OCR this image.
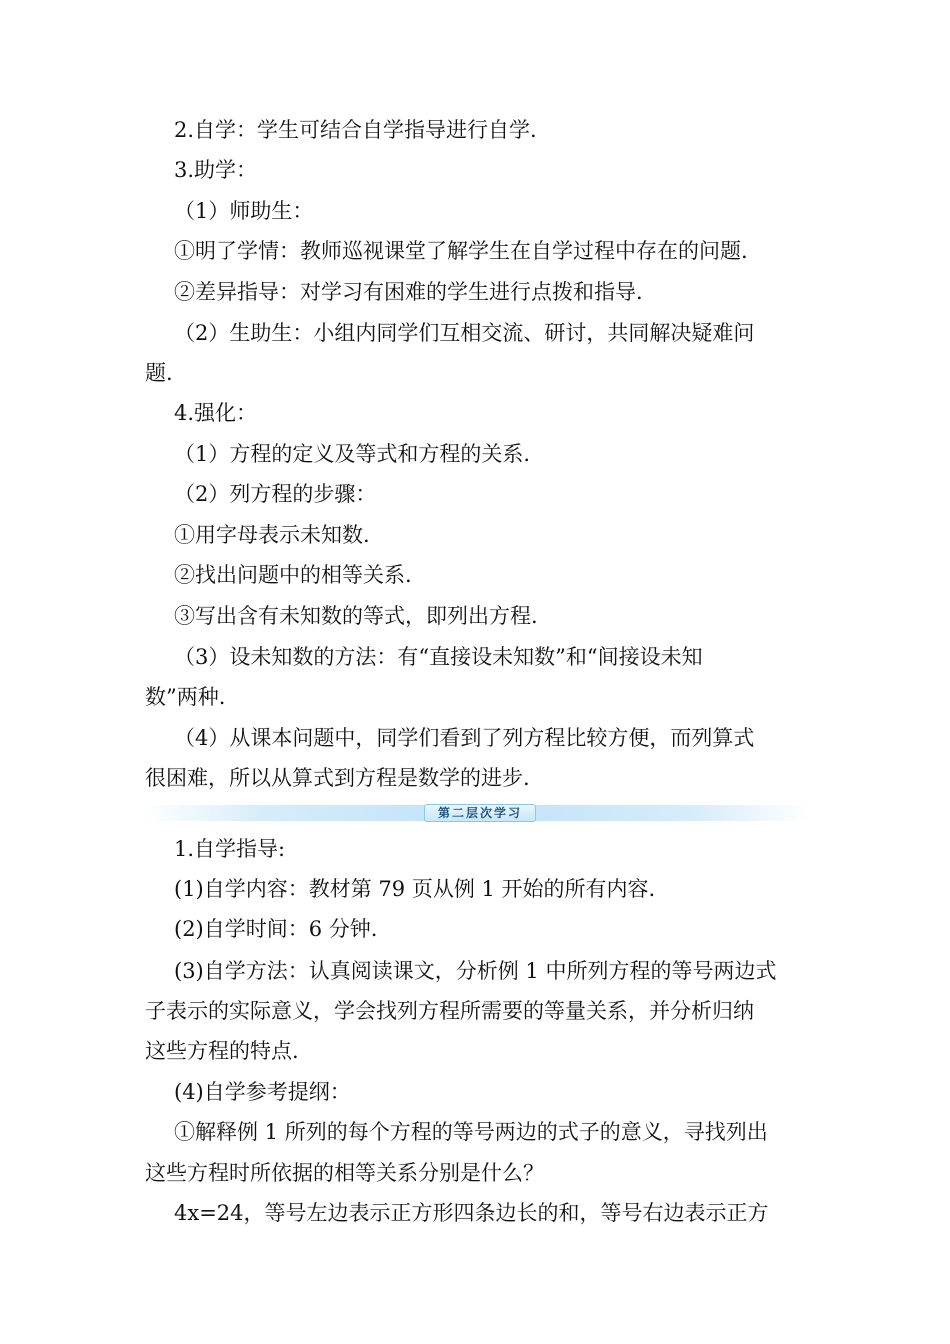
2.自学：学生可结合自学指导进行自学.
3.助学：
（1）师助生：
①明了学情：教师巡视课堂了解学生在自学过程中存在的问题.
②差异指导：对学习有困难的学生进行点拨和指导.
（2）生助生：小组内同学们互相交流、研讨，共同解决疑难问
题.
4.强化：
（1）方程的定义及等式和方程的关系.
（2）列方程的步骤：
①用字母表示未知数.
②找出问题中的相等关系.
③写出含有未知数的等式，即列出方程.
（3）设未知数的方法：有“直接设未知数”和“间接设未知
数”两种.
（4）从课本问题中，同学们看到了列方程比较方便，而列算式
很困难，所以从算式到方程是数学的进步.
第二层次学习
1.自学指导:
(1)自学内容：教材第 79 页从例 1 开始的所有内容.
(2)自学时间：6 分钟.
(3)自学方法：认真阅读课文，分析例 1 中所列方程的等号两边式
子表示的实际意义，学会找列方程所需要的等量关系，并分析归纳
这些方程的特点.
(4)自学参考提纲：
①解释例 1 所列的每个方程的等号两边的式子的意义，寻找列出
这些方程时所依据的相等关系分别是什么？
4x=24，等号左边表示正方形四条边长的和，等号右边表示正方
